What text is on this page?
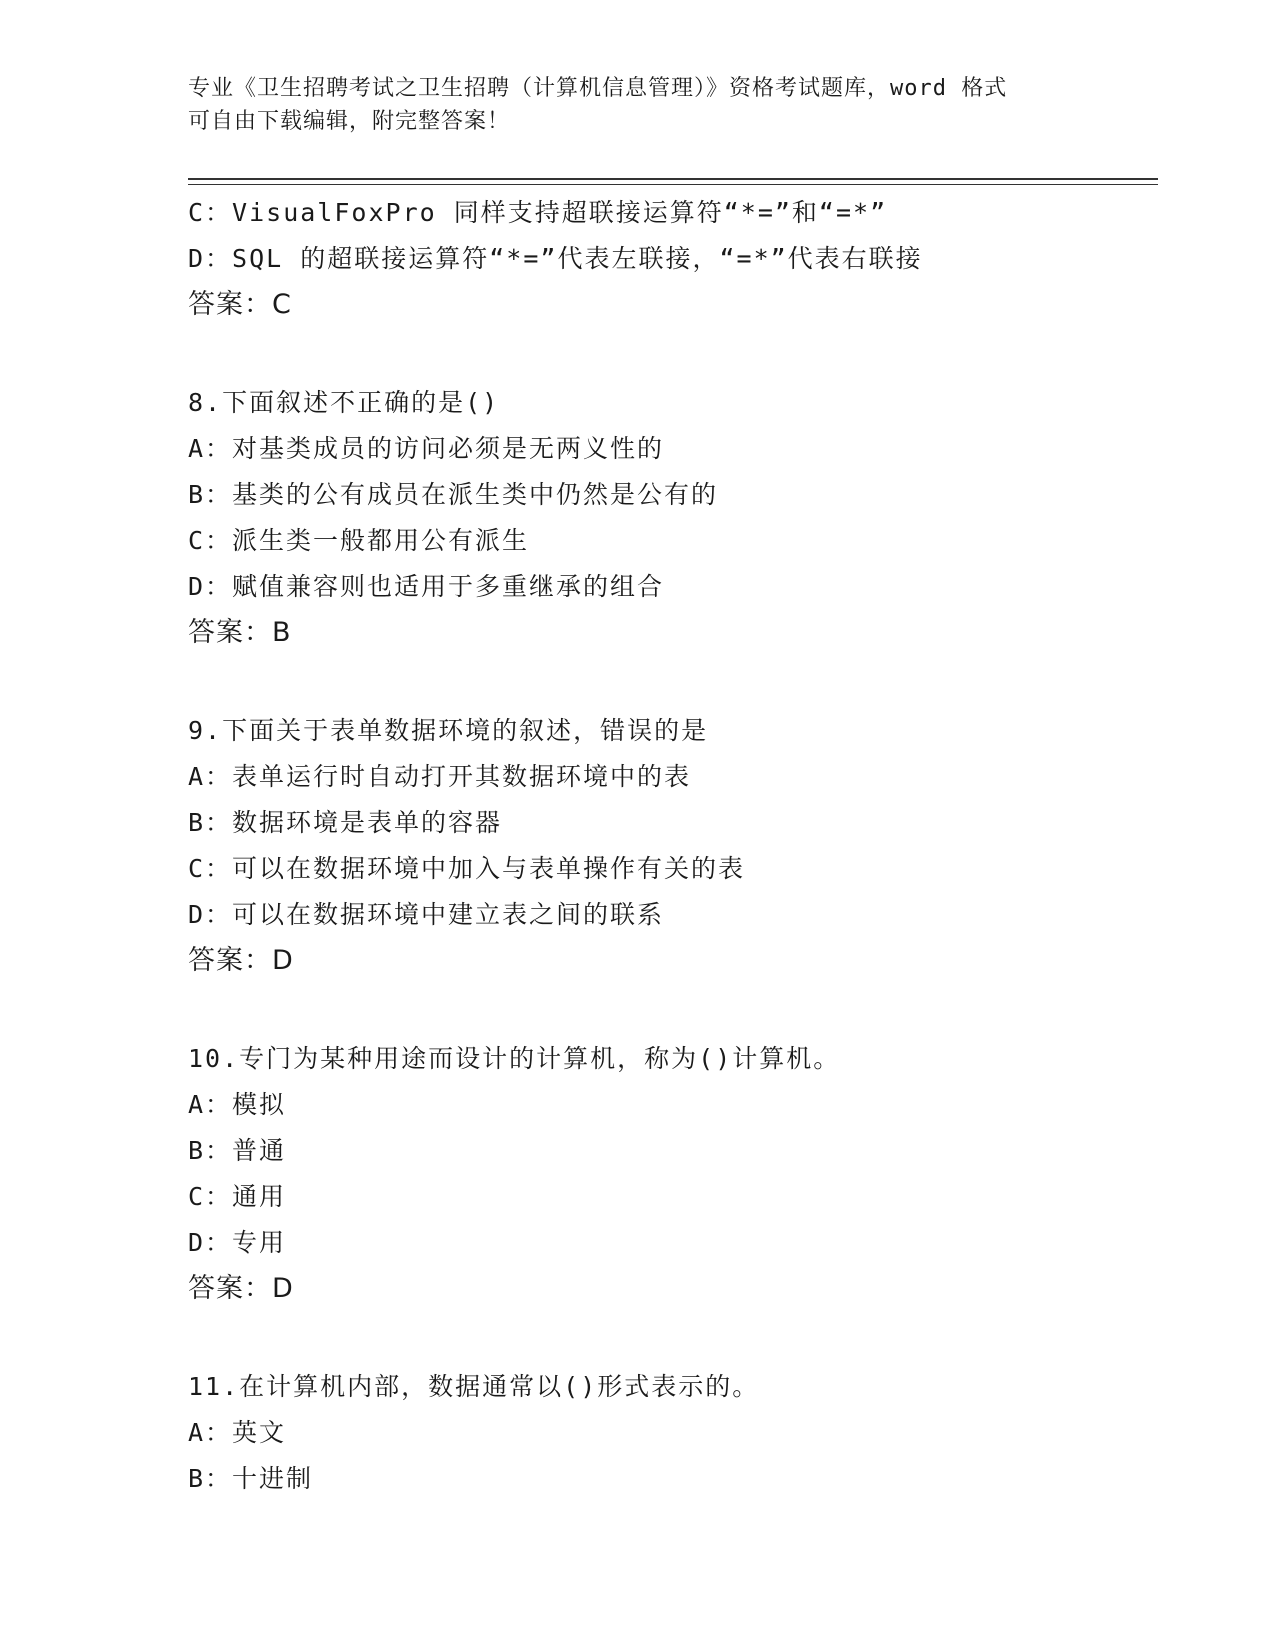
专业《卫生招聘考试之卫生招聘（计算机信息管理）》资格考试题库，word 格式
可自由下载编辑，附完整答案！
C：VisualFoxPro 同样支持超联接运算符“*=”和“=*”
D：SQL 的超联接运算符“*=”代表左联接，“=*”代表右联接
答案：C
8.下面叙述不正确的是()
A：对基类成员的访问必须是无两义性的
B：基类的公有成员在派生类中仍然是公有的
C：派生类一般都用公有派生
D：赋值兼容则也适用于多重继承的组合
答案：B
9.下面关于表单数据环境的叙述，错误的是
A：表单运行时自动打开其数据环境中的表
B：数据环境是表单的容器
C：可以在数据环境中加入与表单操作有关的表
D：可以在数据环境中建立表之间的联系
答案：D
10.专门为某种用途而设计的计算机，称为()计算机。
A：模拟
B：普通
C：通用
D：专用
答案：D
11.在计算机内部，数据通常以()形式表示的。
A：英文
B：十进制
